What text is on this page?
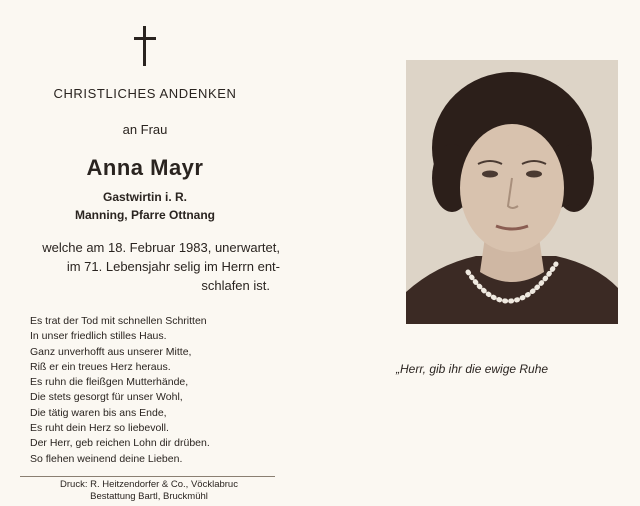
CHRISTLICHES ANDENKEN
an Frau
Anna Mayr
Gastwirtin i. R.
Manning, Pfarre Ottnang
welche am 18. Februar 1983, unerwartet,
im 71. Lebensjahr selig im Herrn ent-
schlafen ist.
Es trat der Tod mit schnellen Schritten
In unser friedlich stilles Haus.
Ganz unverhofft aus unserer Mitte,
Riß er ein treues Herz heraus.
Es ruhn die fleißgen Mutterhände,
Die stets gesorgt für unser Wohl,
Die tätig waren bis ans Ende,
Es ruht dein Herz so liebevoll.
Der Herr, geb reichen Lohn dir drüben.
So flehen weinend deine Lieben.
Druck: R. Heitzendorfer & Co., Vöcklabruc
Bestattung Bartl, Bruckmühl
„Herr, gib ihr die ewige Ruhe
